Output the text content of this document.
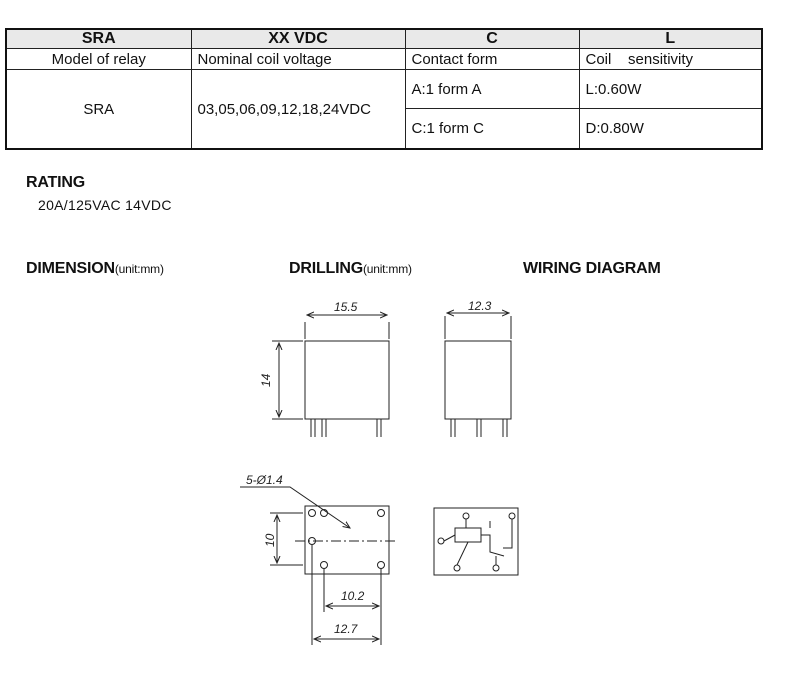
SRA	XX VDC	C	L
Model of relay	Nominal coil voltage	Contact form	Coil    sensitivity
SRA	03,05,06,09,12,18,24VDC	A:1 form A	L:0.60W
		C:1 form C	D:0.80W
RATING
20A/125VAC 14VDC
DIMENSION(unit:mm)	DRILLING(unit:mm)	WIRING DIAGRAM
15.5
14
12.3
5-Ø1.4
10
10.2
12.7
